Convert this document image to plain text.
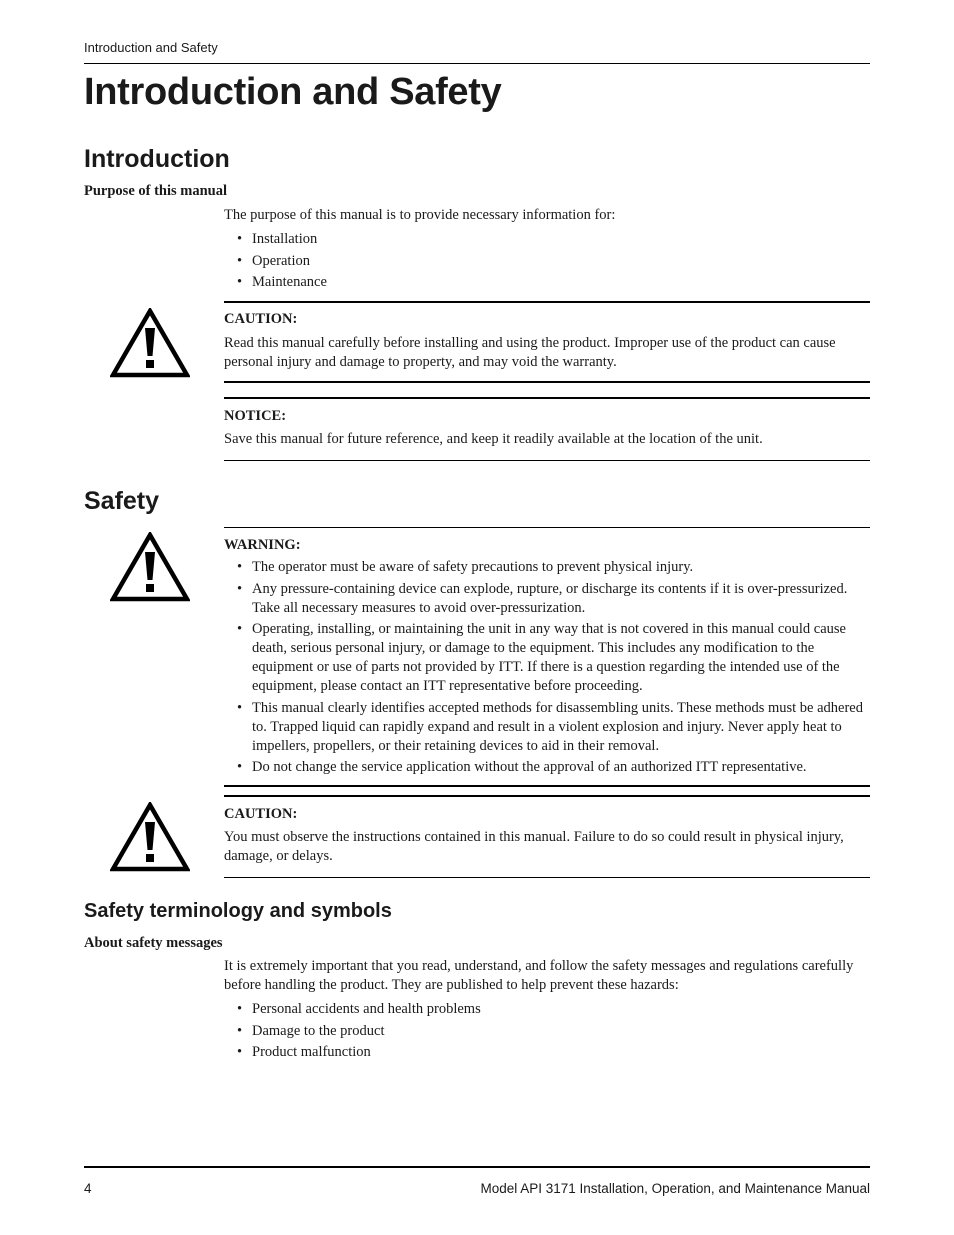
Introduction and Safety
Introduction and Safety
Introduction
Purpose of this manual
The purpose of this manual is to provide necessary information for:
• Installation
• Operation
• Maintenance
CAUTION:
Read this manual carefully before installing and using the product. Improper use of the product can cause personal injury and damage to property, and may void the warranty.
NOTICE:
Save this manual for future reference, and keep it readily available at the location of the unit.
Safety
WARNING:
• The operator must be aware of safety precautions to prevent physical injury.
• Any pressure-containing device can explode, rupture, or discharge its contents if it is over-pressurized. Take all necessary measures to avoid over-pressurization.
• Operating, installing, or maintaining the unit in any way that is not covered in this manual could cause death, serious personal injury, or damage to the equipment. This includes any modification to the equipment or use of parts not provided by ITT. If there is a question regarding the intended use of the equipment, please contact an ITT representative before proceeding.
• This manual clearly identifies accepted methods for disassembling units. These methods must be adhered to. Trapped liquid can rapidly expand and result in a violent explosion and injury. Never apply heat to impellers, propellers, or their retaining devices to aid in their removal.
• Do not change the service application without the approval of an authorized ITT representative.
CAUTION:
You must observe the instructions contained in this manual. Failure to do so could result in physical injury, damage, or delays.
Safety terminology and symbols
About safety messages
It is extremely important that you read, understand, and follow the safety messages and regulations carefully before handling the product. They are published to help prevent these hazards:
• Personal accidents and health problems
• Damage to the product
• Product malfunction
4	Model API 3171 Installation, Operation, and Maintenance Manual
